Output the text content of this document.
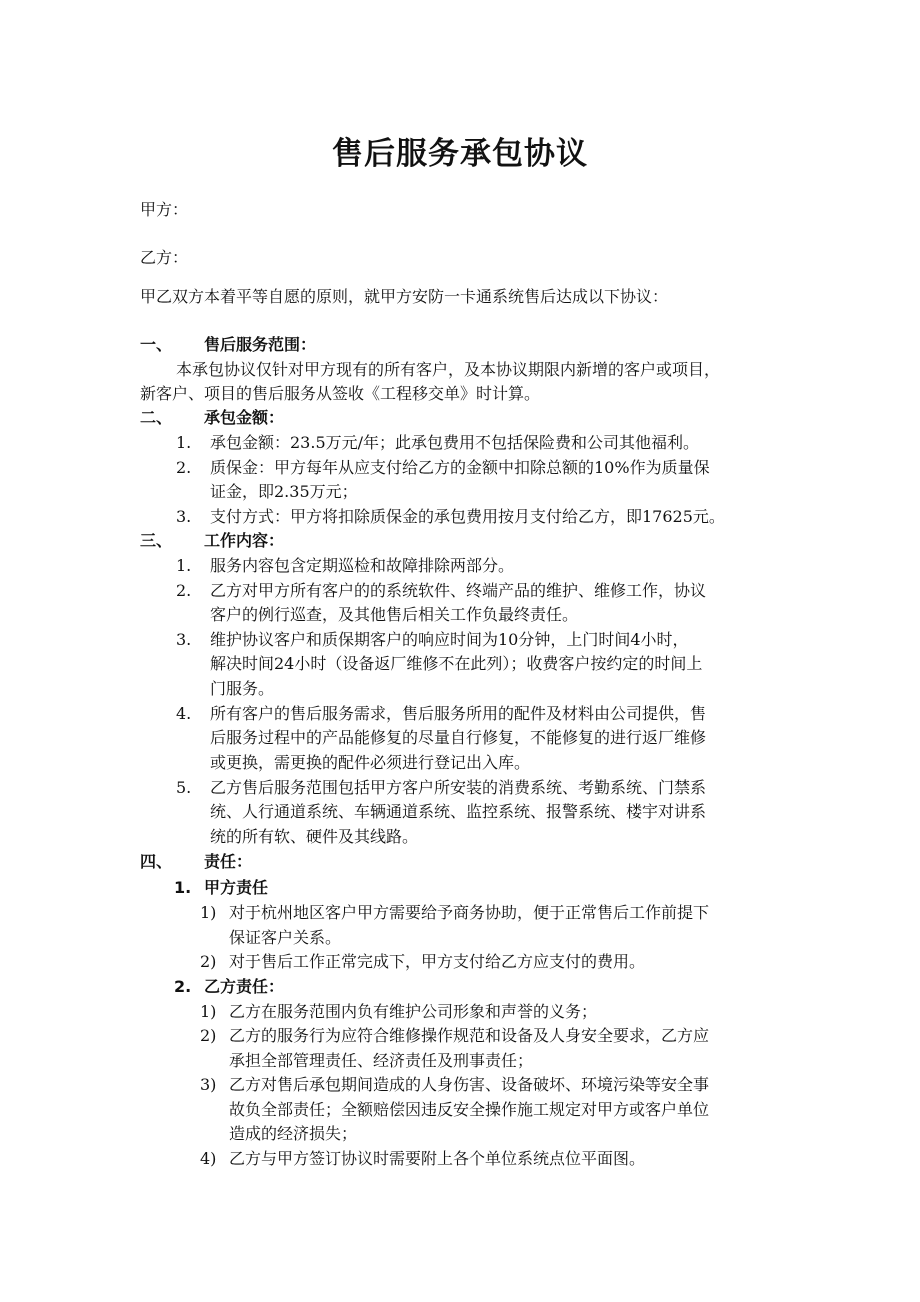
售后服务承包协议
甲方：
乙方：
甲乙双方本着平等自愿的原则，就甲方安防一卡通系统售后达成以下协议：
一、 售后服务范围：
本承包协议仅针对甲方现有的所有客户，及本协议期限内新增的客户或项目，
新客户、项目的售后服务从签收《工程移交单》时计算。
二、 承包金额：
1. 承包金额：23.5万元/年；此承包费用不包括保险费和公司其他福利。
2. 质保金：甲方每年从应支付给乙方的金额中扣除总额的10%作为质量保
证金，即2.35万元；
3. 支付方式：甲方将扣除质保金的承包费用按月支付给乙方，即17625元。
三、 工作内容：
1. 服务内容包含定期巡检和故障排除两部分。
2. 乙方对甲方所有客户的的系统软件、终端产品的维护、维修工作，协议
客户的例行巡查，及其他售后相关工作负最终责任。
3. 维护协议客户和质保期客户的响应时间为10分钟，上门时间4小时，
解决时间24小时（设备返厂维修不在此列）；收费客户按约定的时间上
门服务。
4. 所有客户的售后服务需求，售后服务所用的配件及材料由公司提供，售
后服务过程中的产品能修复的尽量自行修复，不能修复的进行返厂维修
或更换，需更换的配件必须进行登记出入库。
5. 乙方售后服务范围包括甲方客户所安装的消费系统、考勤系统、门禁系
统、人行通道系统、车辆通道系统、监控系统、报警系统、楼宇对讲系
统的所有软、硬件及其线路。
四、 责任：
1. 甲方责任
1) 对于杭州地区客户甲方需要给予商务协助，便于正常售后工作前提下
保证客户关系。
2) 对于售后工作正常完成下，甲方支付给乙方应支付的费用。
2. 乙方责任：
1) 乙方在服务范围内负有维护公司形象和声誉的义务；
2) 乙方的服务行为应符合维修操作规范和设备及人身安全要求，乙方应
承担全部管理责任、经济责任及刑事责任；
3) 乙方对售后承包期间造成的人身伤害、设备破坏、环境污染等安全事
故负全部责任；全额赔偿因违反安全操作施工规定对甲方或客户单位
造成的经济损失；
4) 乙方与甲方签订协议时需要附上各个单位系统点位平面图。
